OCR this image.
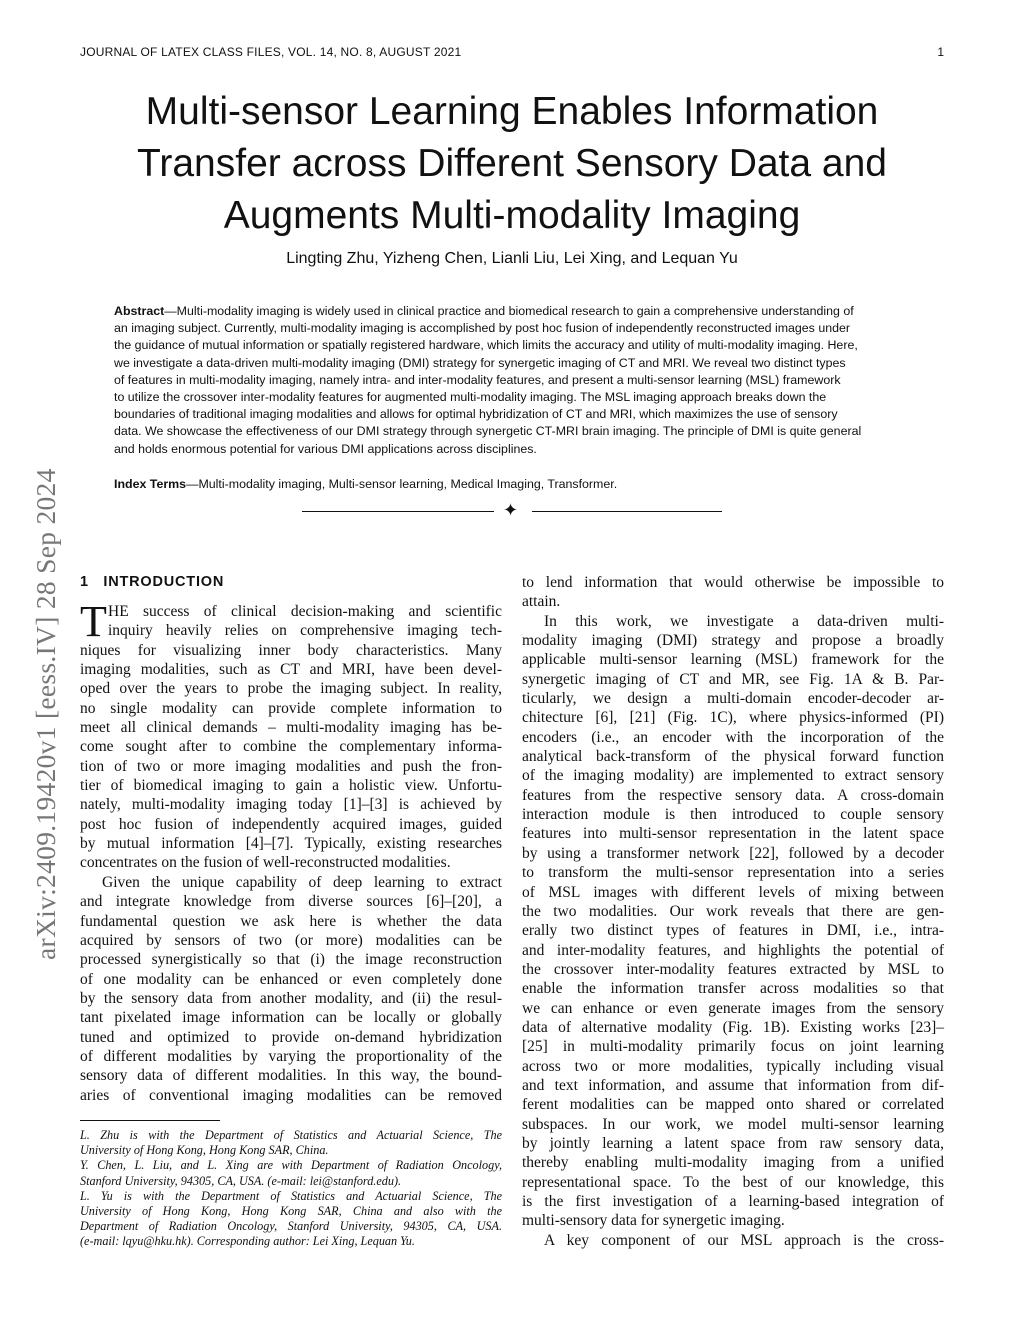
JOURNAL OF LATEX CLASS FILES, VOL. 14, NO. 8, AUGUST 2021	1
arXiv:2409.19420v1 [eess.IV] 28 Sep 2024
Multi-sensor Learning Enables Information
Transfer across Different Sensory Data and
Augments Multi-modality Imaging
Lingting Zhu, Yizheng Chen, Lianli Liu, Lei Xing, and Lequan Yu
Abstract—Multi-modality imaging is widely used in clinical practice and biomedical research to gain a comprehensive understanding of
an imaging subject. Currently, multi-modality imaging is accomplished by post hoc fusion of independently reconstructed images under
the guidance of mutual information or spatially registered hardware, which limits the accuracy and utility of multi-modality imaging. Here,
we investigate a data-driven multi-modality imaging (DMI) strategy for synergetic imaging of CT and MRI. We reveal two distinct types
of features in multi-modality imaging, namely intra- and inter-modality features, and present a multi-sensor learning (MSL) framework
to utilize the crossover inter-modality features for augmented multi-modality imaging. The MSL imaging approach breaks down the
boundaries of traditional imaging modalities and allows for optimal hybridization of CT and MRI, which maximizes the use of sensory
data. We showcase the effectiveness of our DMI strategy through synergetic CT-MRI brain imaging. The principle of DMI is quite general
and holds enormous potential for various DMI applications across disciplines.
Index Terms—Multi-modality imaging, Multi-sensor learning, Medical Imaging, Transformer.
✦
1 INTRODUCTION
T HE success of clinical decision-making and scientific
inquiry heavily relies on comprehensive imaging tech-
niques for visualizing inner body characteristics. Many
imaging modalities, such as CT and MRI, have been devel-
oped over the years to probe the imaging subject. In reality,
no single modality can provide complete information to
meet all clinical demands – multi-modality imaging has be-
come sought after to combine the complementary informa-
tion of two or more imaging modalities and push the fron-
tier of biomedical imaging to gain a holistic view. Unfortu-
nately, multi-modality imaging today [1]–[3] is achieved by
post hoc fusion of independently acquired images, guided
by mutual information [4]–[7]. Typically, existing researches
concentrates on the fusion of well-reconstructed modalities.
Given the unique capability of deep learning to extract
and integrate knowledge from diverse sources [6]–[20], a
fundamental question we ask here is whether the data
acquired by sensors of two (or more) modalities can be
processed synergistically so that (i) the image reconstruction
of one modality can be enhanced or even completely done
by the sensory data from another modality, and (ii) the resul-
tant pixelated image information can be locally or globally
tuned and optimized to provide on-demand hybridization
of different modalities by varying the proportionality of the
sensory data of different modalities. In this way, the bound-
aries of conventional imaging modalities can be removed
L. Zhu is with the Department of Statistics and Actuarial Science, The
University of Hong Kong, Hong Kong SAR, China.
Y. Chen, L. Liu, and L. Xing are with Department of Radiation Oncology,
Stanford University, 94305, CA, USA. (e-mail: lei@stanford.edu).
L. Yu is with the Department of Statistics and Actuarial Science, The
University of Hong Kong, Hong Kong SAR, China and also with the
Department of Radiation Oncology, Stanford University, 94305, CA, USA.
(e-mail: lqyu@hku.hk). Corresponding author: Lei Xing, Lequan Yu.
to lend information that would otherwise be impossible to
attain.
In this work, we investigate a data-driven multi-
modality imaging (DMI) strategy and propose a broadly
applicable multi-sensor learning (MSL) framework for the
synergetic imaging of CT and MR, see Fig. 1A & B. Par-
ticularly, we design a multi-domain encoder-decoder ar-
chitecture [6], [21] (Fig. 1C), where physics-informed (PI)
encoders (i.e., an encoder with the incorporation of the
analytical back-transform of the physical forward function
of the imaging modality) are implemented to extract sensory
features from the respective sensory data. A cross-domain
interaction module is then introduced to couple sensory
features into multi-sensor representation in the latent space
by using a transformer network [22], followed by a decoder
to transform the multi-sensor representation into a series
of MSL images with different levels of mixing between
the two modalities. Our work reveals that there are gen-
erally two distinct types of features in DMI, i.e., intra-
and inter-modality features, and highlights the potential of
the crossover inter-modality features extracted by MSL to
enable the information transfer across modalities so that
we can enhance or even generate images from the sensory
data of alternative modality (Fig. 1B). Existing works [23]–
[25] in multi-modality primarily focus on joint learning
across two or more modalities, typically including visual
and text information, and assume that information from dif-
ferent modalities can be mapped onto shared or correlated
subspaces. In our work, we model multi-sensor learning
by jointly learning a latent space from raw sensory data,
thereby enabling multi-modality imaging from a unified
representational space. To the best of our knowledge, this
is the first investigation of a learning-based integration of
multi-sensory data for synergetic imaging.
A key component of our MSL approach is the cross-
